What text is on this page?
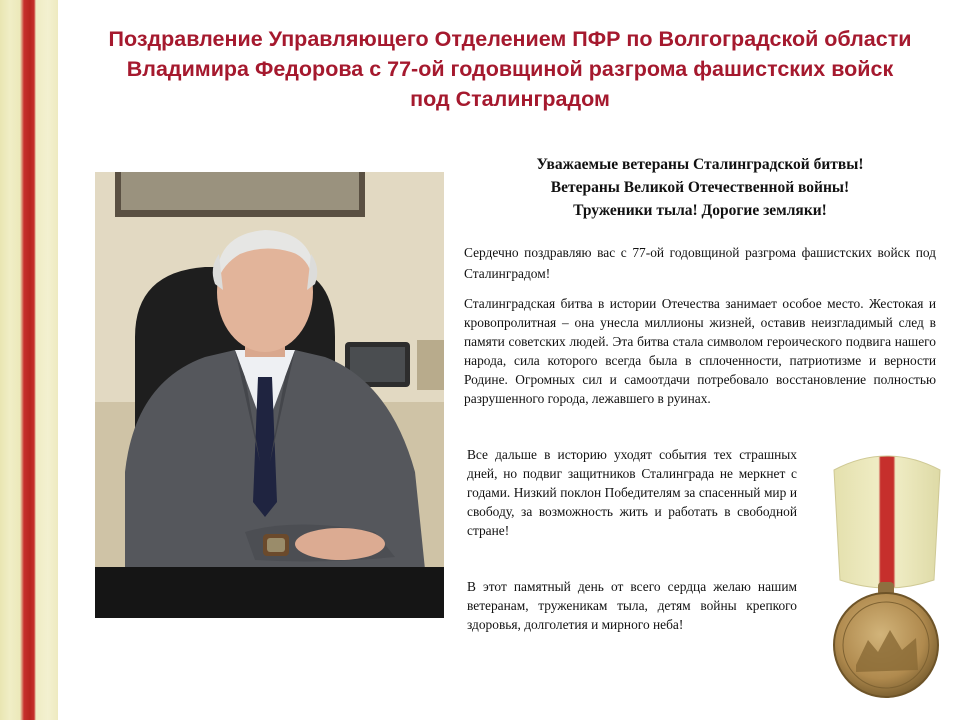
Поздравление Управляющего Отделением ПФР по Волгоградской области
Владимира Федорова с 77-ой годовщиной разгрома фашистских войск
под Сталинградом
Уважаемые ветераны Сталинградской битвы!
Ветераны Великой Отечественной войны!
Труженики тыла! Дорогие земляки!

Сердечно поздравляю вас с 77-ой годовщиной разгрома фашистских войск под Сталинградом!

Сталинградская битва в истории Отечества занимает особое место. Жестокая и кровопролитная – она унесла миллионы жизней, оставив неизгладимый след в памяти советских людей. Эта битва стала символом героического подвига нашего народа, сила которого всегда была в сплоченности, патриотизме и верности Родине. Огромных сил и самоотдачи потребовало восстановление полностью разрушенного города, лежавшего в руинах.

Все дальше в историю уходят события тех страшных дней, но подвиг защитников Сталинграда не меркнет с годами. Низкий поклон Победителям за спасенный мир и свободу, за возможность жить и работать в свободной стране!

В этот памятный день от всего сердца желаю нашим ветеранам, труженикам тыла, детям войны крепкого здоровья, долголетия и мирного неба!
